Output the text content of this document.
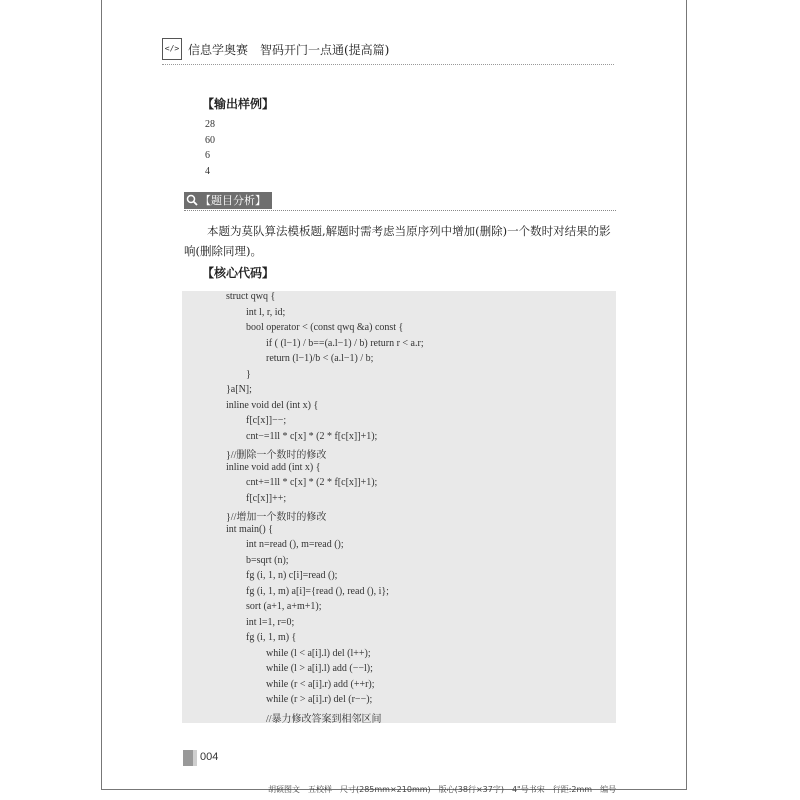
</> 信息学奥赛　智码开门一点通(提高篇)
【输出样例】
28
60
6
4
【题目分析】
本题为莫队算法模板题,解题时需考虑当原序列中增加(删除)一个数时对结果的影响(删除同理)。
【核心代码】
struct qwq {
int l, r, id;
bool operator < (const qwq &a) const {
if ( (l−1) / b==(a.l−1) / b) return r < a.r;
return (l−1)/b < (a.l−1) / b;
}
}a[N];
inline void del (int x) {
f[c[x]]−−;
cnt−=1ll * c[x] * (2 * f[c[x]]+1);
}//删除一个数时的修改
inline void add (int x) {
cnt+=1ll * c[x] * (2 * f[c[x]]+1);
f[c[x]]++;
}//增加一个数时的修改
int main() {
int n=read (), m=read ();
b=sqrt (n);
fg (i, 1, n) c[i]=read ();
fg (i, 1, m) a[i]={read (), read (), i};
sort (a+1, a+m+1);
int l=1, r=0;
fg (i, 1, m) {
while (l < a[i].l) del (l++);
while (l > a[i].l) add (−−l);
while (r < a[i].r) add (++r);
while (r > a[i].r) del (r−−);
//暴力修改答案到相邻区间
004
胡硕图文　五校样　尺寸(285mm×210mm)　版心(38行×37字)　4"号书宋　行距:2mm　编号
